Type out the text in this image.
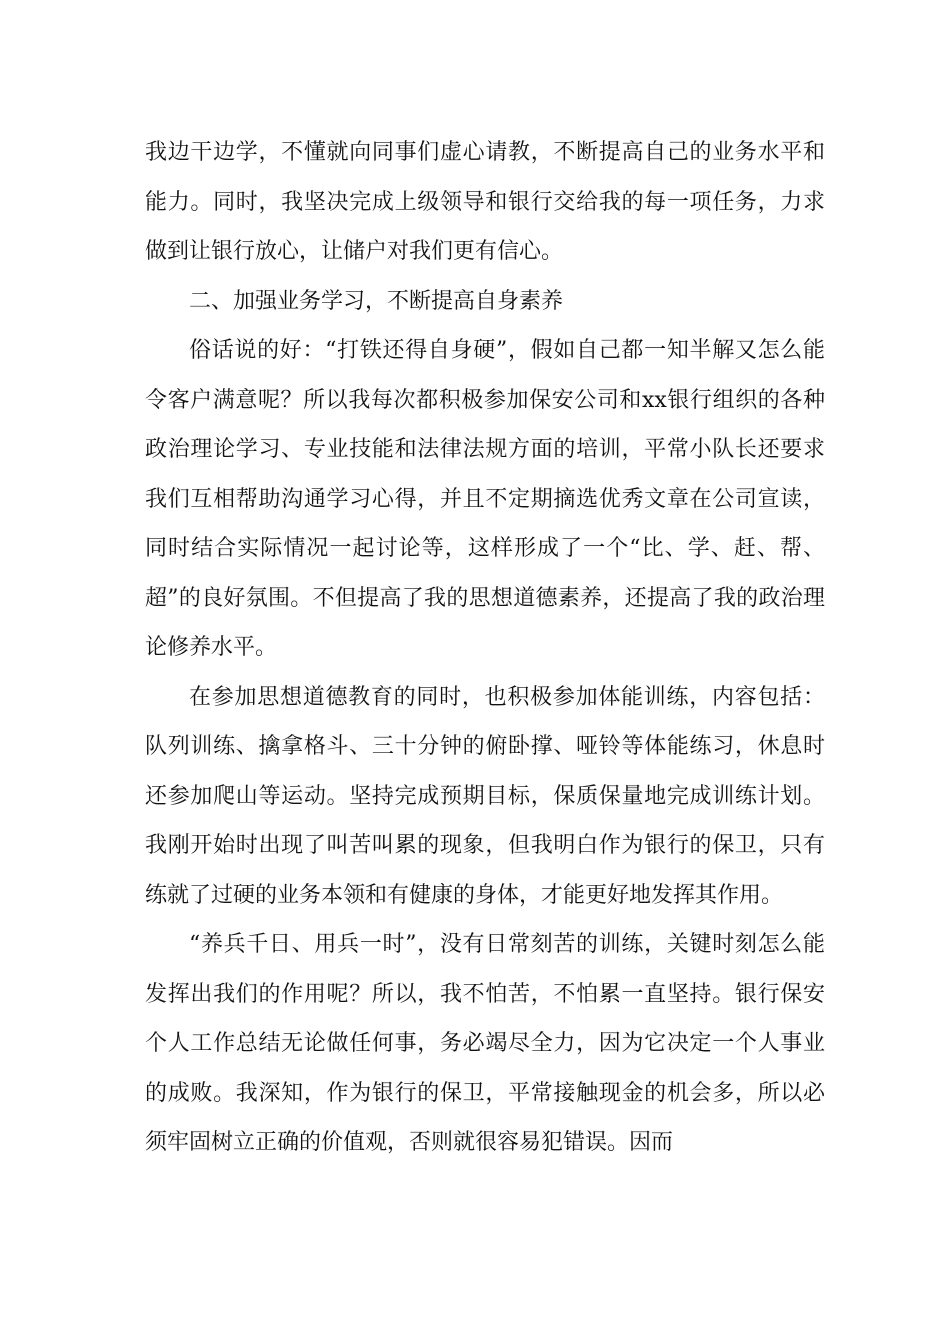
我边干边学，不懂就向同事们虚心请教，不断提高自己的业务水平和能力。同时，我坚决完成上级领导和银行交给我的每一项任务，力求做到让银行放心，让储户对我们更有信心。

二、加强业务学习，不断提高自身素养

俗话说的好：“打铁还得自身硬”，假如自己都一知半解又怎么能令客户满意呢？所以我每次都积极参加保安公司和xx银行组织的各种政治理论学习、专业技能和法律法规方面的培训，平常小队长还要求我们互相帮助沟通学习心得，并且不定期摘选优秀文章在公司宣读，同时结合实际情况一起讨论等，这样形成了一个“比、学、赶、帮、超”的良好氛围。不但提高了我的思想道德素养，还提高了我的政治理论修养水平。

在参加思想道德教育的同时，也积极参加体能训练，内容包括：队列训练、擒拿格斗、三十分钟的俯卧撑、哑铃等体能练习，休息时还参加爬山等运动。坚持完成预期目标，保质保量地完成训练计划。我刚开始时出现了叫苦叫累的现象，但我明白作为银行的保卫，只有练就了过硬的业务本领和有健康的身体，才能更好地发挥其作用。

“养兵千日、用兵一时”，没有日常刻苦的训练，关键时刻怎么能发挥出我们的作用呢？所以，我不怕苦，不怕累一直坚持。银行保安个人工作总结无论做任何事，务必竭尽全力，因为它决定一个人事业的成败。我深知，作为银行的保卫，平常接触现金的机会多，所以必须牢固树立正确的价值观，否则就很容易犯错误。因而
